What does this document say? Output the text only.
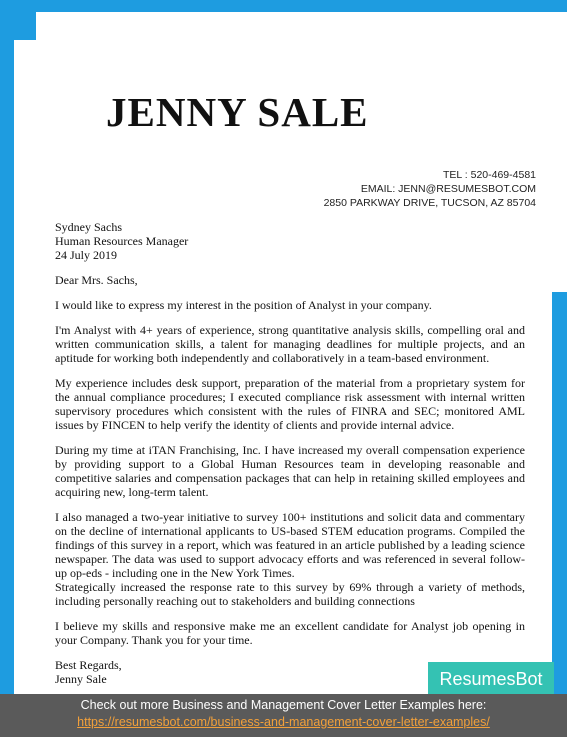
JENNY SALE
TEL : 520-469-4581
EMAIL: JENN@RESUMESBOT.COM
2850 PARKWAY DRIVE, TUCSON, AZ 85704

Sydney Sachs

Human Resources Manager

24 July 2019

Dear Mrs. Sachs,

I would like to express my interest in the position of Analyst in your company.

I'm Analyst with 4+ years of experience, strong quantitative analysis skills, compelling oral and written communication skills, a talent for managing deadlines for multiple projects, and an aptitude for working both independently and collaboratively in a team-based environment.

My experience includes desk support, preparation of the material from a proprietary system for the annual compliance procedures; I executed compliance risk assessment with internal written supervisory procedures which consistent with the rules of FINRA and SEC; monitored AML issues by FINCEN to help verify the identity of clients and provide internal advice.

During my time at iTAN Franchising, Inc. I have increased my overall compensation experience by providing support to a Global Human Resources team in developing reasonable and competitive salaries and compensation packages that can help in retaining skilled employees and acquiring new, long-term talent.

I also managed a two-year initiative to survey 100+ institutions and solicit data and commentary on the decline of international applicants to US-based STEM education programs. Compiled the findings of this survey in a report, which was featured in an article published by a leading science newspaper. The data was used to support advocacy efforts and was referenced in several follow-up op-eds - including one in the New York Times.

Strategically increased the response rate to this survey by 69% through a variety of methods, including personally reaching out to stakeholders and building connections

I believe my skills and responsive make me an excellent candidate for Analyst job opening in your Company. Thank you for your time.

Best Regards,

Jenny Sale	ResumesBot
Check out more Business and Management Cover Letter Examples here:
https://resumesbot.com/business-and-management-cover-letter-examples/
